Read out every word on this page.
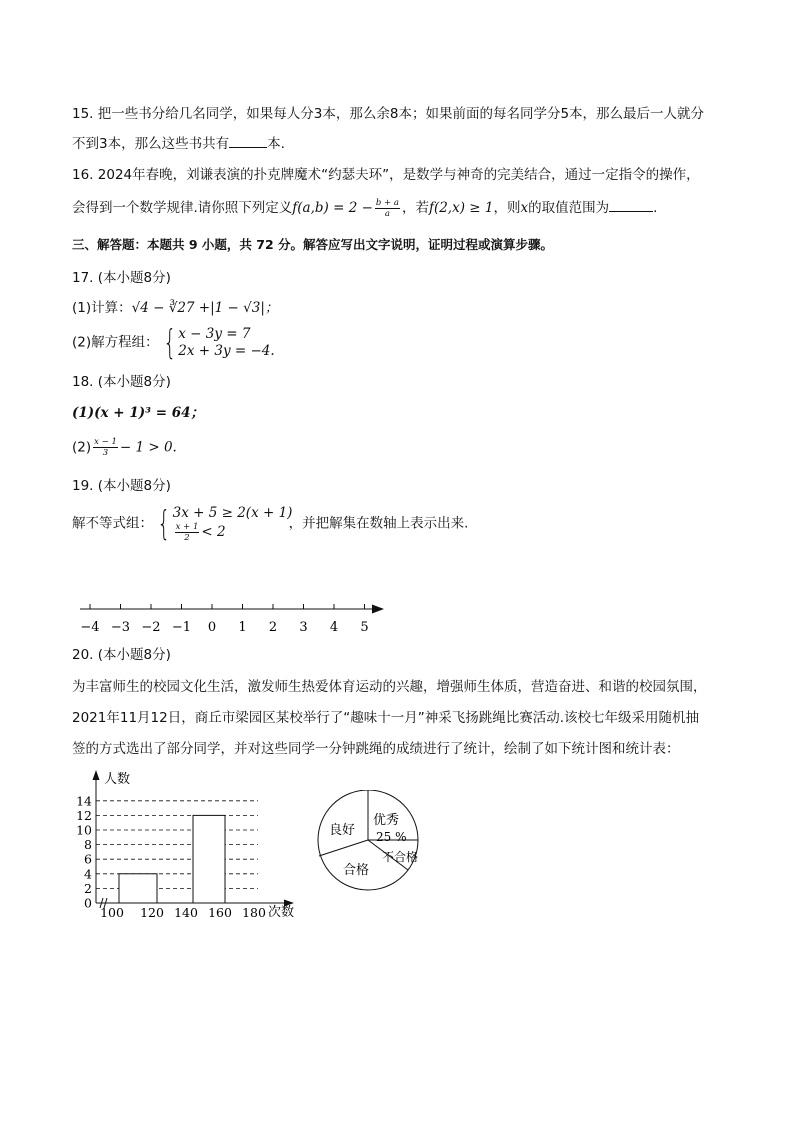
15. 把一些书分给几名同学，如果每人分3本，那么余8本；如果前面的每名同学分5本，那么最后一人就分
不到3本，那么这些书共有	本.
16. 2024年春晚，刘谦表演的扑克牌魔术“约瑟夫环”，是数学与神奇的完美结合，通过一定指令的操作，
会得到一个数学规律.请你照下列定义$f(a,b) = 2 - \frac{b + a}{a}$ ，若f(2,x) ≥ 1，则x的取值范围为	.
三、解答题：本题共 9 小题，共 72 分。解答应写出文字说明，证明过程或演算步骤。
17. (本小题8分)
(1)计算：√4 − ∛27 +|1 − √3|；
(2)解方程组： { x − 3y = 7
2x + 3y = −4.
18. (本小题8分)
(1)(x + 1)³ = 64；
$(2) \frac{x - 1}{3} - 1 > 0$.
19. (本小题8分)
解不等式组： { 3x + 5 ≥ 2(x + 1)
$\frac{x + 1}{2} < 2$
，并把解集在数轴上表示出来.
−4 −3 −2 −1 0 1 2 3 4 5
20. (本小题8分)
为丰富师生的校园文化生活，激发师生热爱体育运动的兴趣，增强师生体质，营造奋进、和谐的校园氛围，
2021年11月12日，商丘市梁园区某校举行了“趣味十一月”神采飞扬跳绳比赛活动.该校七年级采用随机抽
签的方式选出了部分同学，并对这些同学一分钟跳绳的成绩进行了统计，绘制了如下统计图和统计表：
人数
次数
0
2
4
6
8
10
12
14
100 120 140 160 180
优秀
25 %
不合格
合格
良好
